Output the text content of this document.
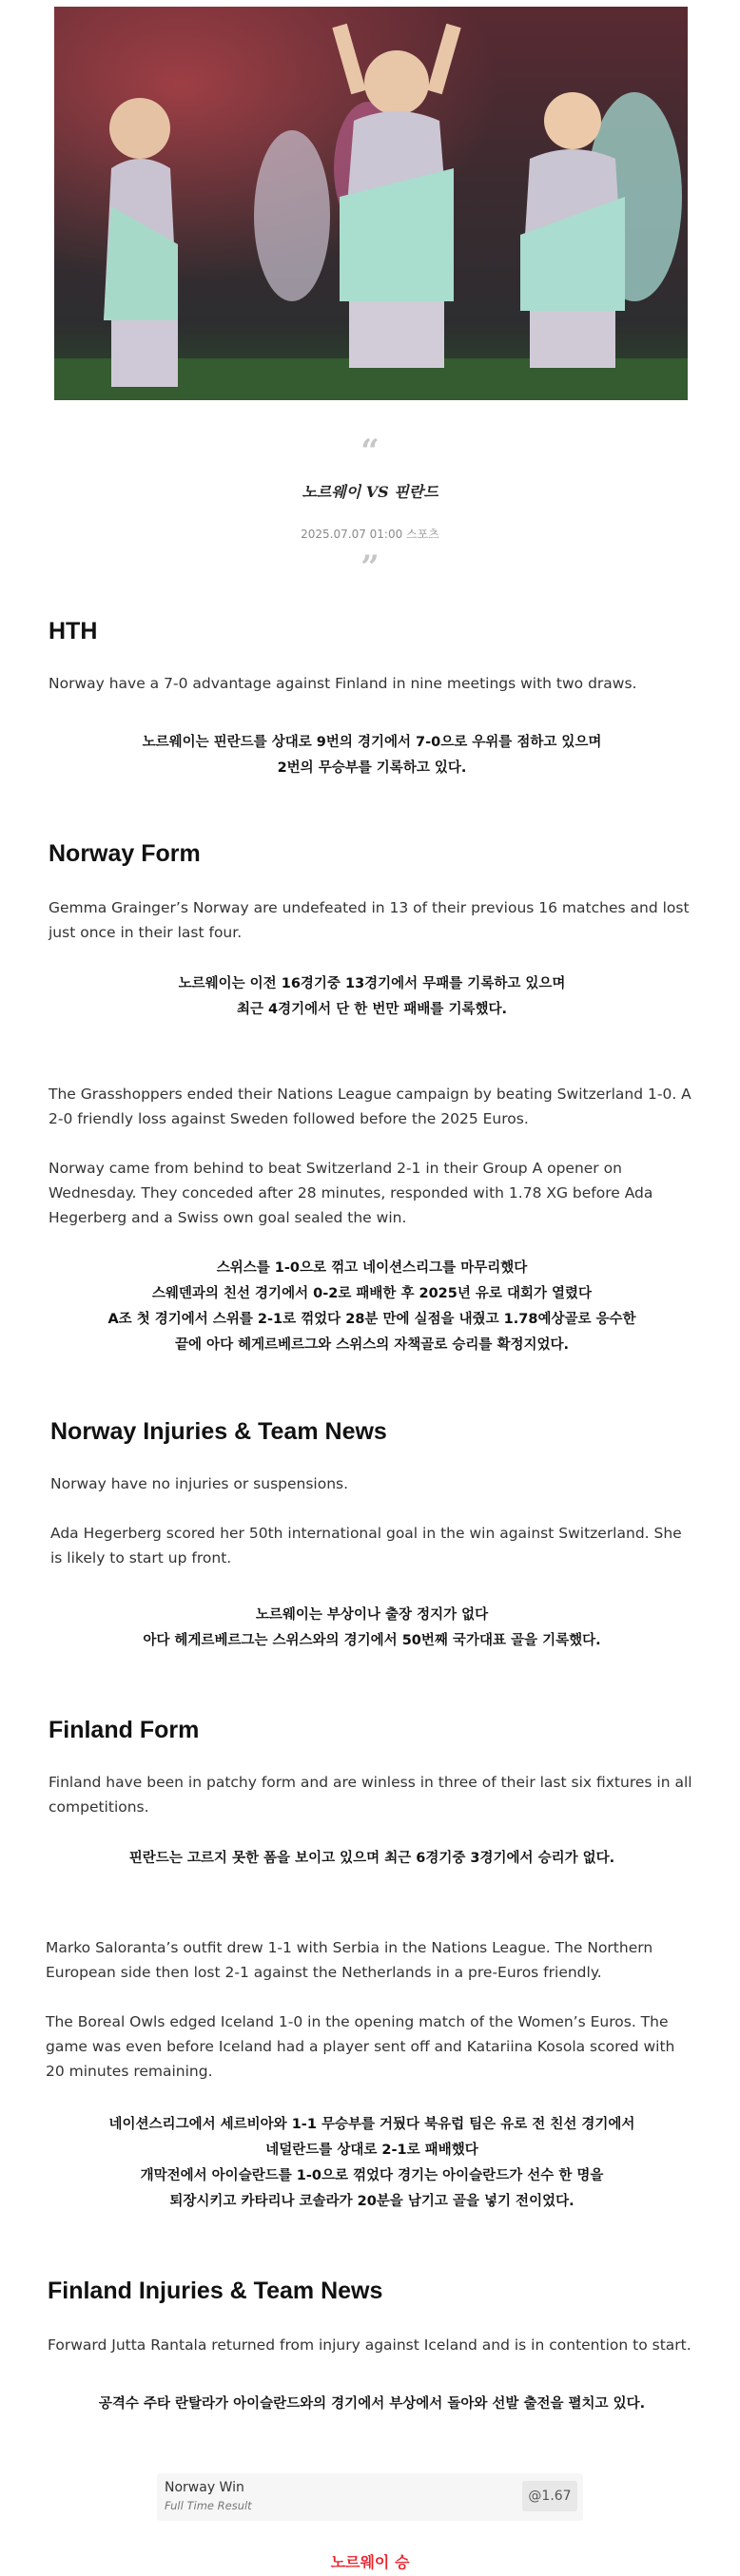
“
노르웨이 VS 핀란드
2025.07.07 01:00 스포츠
”
HTH

Norway have a 7-0 advantage against Finland in nine meetings with two draws.

노르웨이는 핀란드를 상대로 9번의 경기에서 7-0으로 우위를 점하고 있으며
2번의 무승부를 기록하고 있다.
Norway Form

Gemma Grainger’s Norway are undefeated in 13 of their previous 16 matches and lost just once in their last four.

노르웨이는 이전 16경기중 13경기에서 무패를 기록하고 있으며
최근 4경기에서 단 한 번만 패배를 기록했다.

The Grasshoppers ended their Nations League campaign by beating Switzerland 1-0. A 2-0 friendly loss against Sweden followed before the 2025 Euros.

Norway came from behind to beat Switzerland 2-1 in their Group A opener on Wednesday. They conceded after 28 minutes, responded with 1.78 XG before Ada Hegerberg and a Swiss own goal sealed the win.

스위스를 1-0으로 꺾고 네이션스리그를 마무리했다
스웨덴과의 친선 경기에서 0-2로 패배한 후 2025년 유로 대회가 열렸다
A조 첫 경기에서 스위를 2-1로 꺾었다 28분 만에 실점을 내줬고 1.78예상골로 응수한
끝에 아다 헤게르베르그와 스위스의 자책골로 승리를 확정지었다.
Norway Injuries & Team News

Norway have no injuries or suspensions.

Ada Hegerberg scored her 50th international goal in the win against Switzerland. She is likely to start up front.

노르웨이는 부상이나 출장 정지가 없다
아다 헤게르베르그는 스위스와의 경기에서 50번째 국가대표 골을 기록했다.
Finland Form

Finland have been in patchy form and are winless in three of their last six fixtures in all competitions.

핀란드는 고르지 못한 폼을 보이고 있으며 최근 6경기중 3경기에서 승리가 없다.

Marko Saloranta’s outfit drew 1-1 with Serbia in the Nations League. The Northern European side then lost 2-1 against the Netherlands in a pre-Euros friendly.

The Boreal Owls edged Iceland 1-0 in the opening match of the Women’s Euros. The game was even before Iceland had a player sent off and Katariina Kosola scored with 20 minutes remaining.

네이션스리그에서 세르비아와 1-1 무승부를 거뒀다 북유럽 팀은 유로 전 친선 경기에서
네덜란드를 상대로 2-1로 패배했다
개막전에서 아이슬란드를 1-0으로 꺾었다 경기는 아이슬란드가 선수 한 명을
퇴장시키고 카타리나 코솔라가 20분을 남기고 골을 넣기 전이었다.
Finland Injuries & Team News

Forward Jutta Rantala returned from injury against Iceland and is in contention to start.

공격수 주타 란탈라가 아이슬란드와의 경기에서 부상에서 돌아와 선발 출전을 펼치고 있다.
Norway Win
Full Time Result
@1.67
노르웨이 승
